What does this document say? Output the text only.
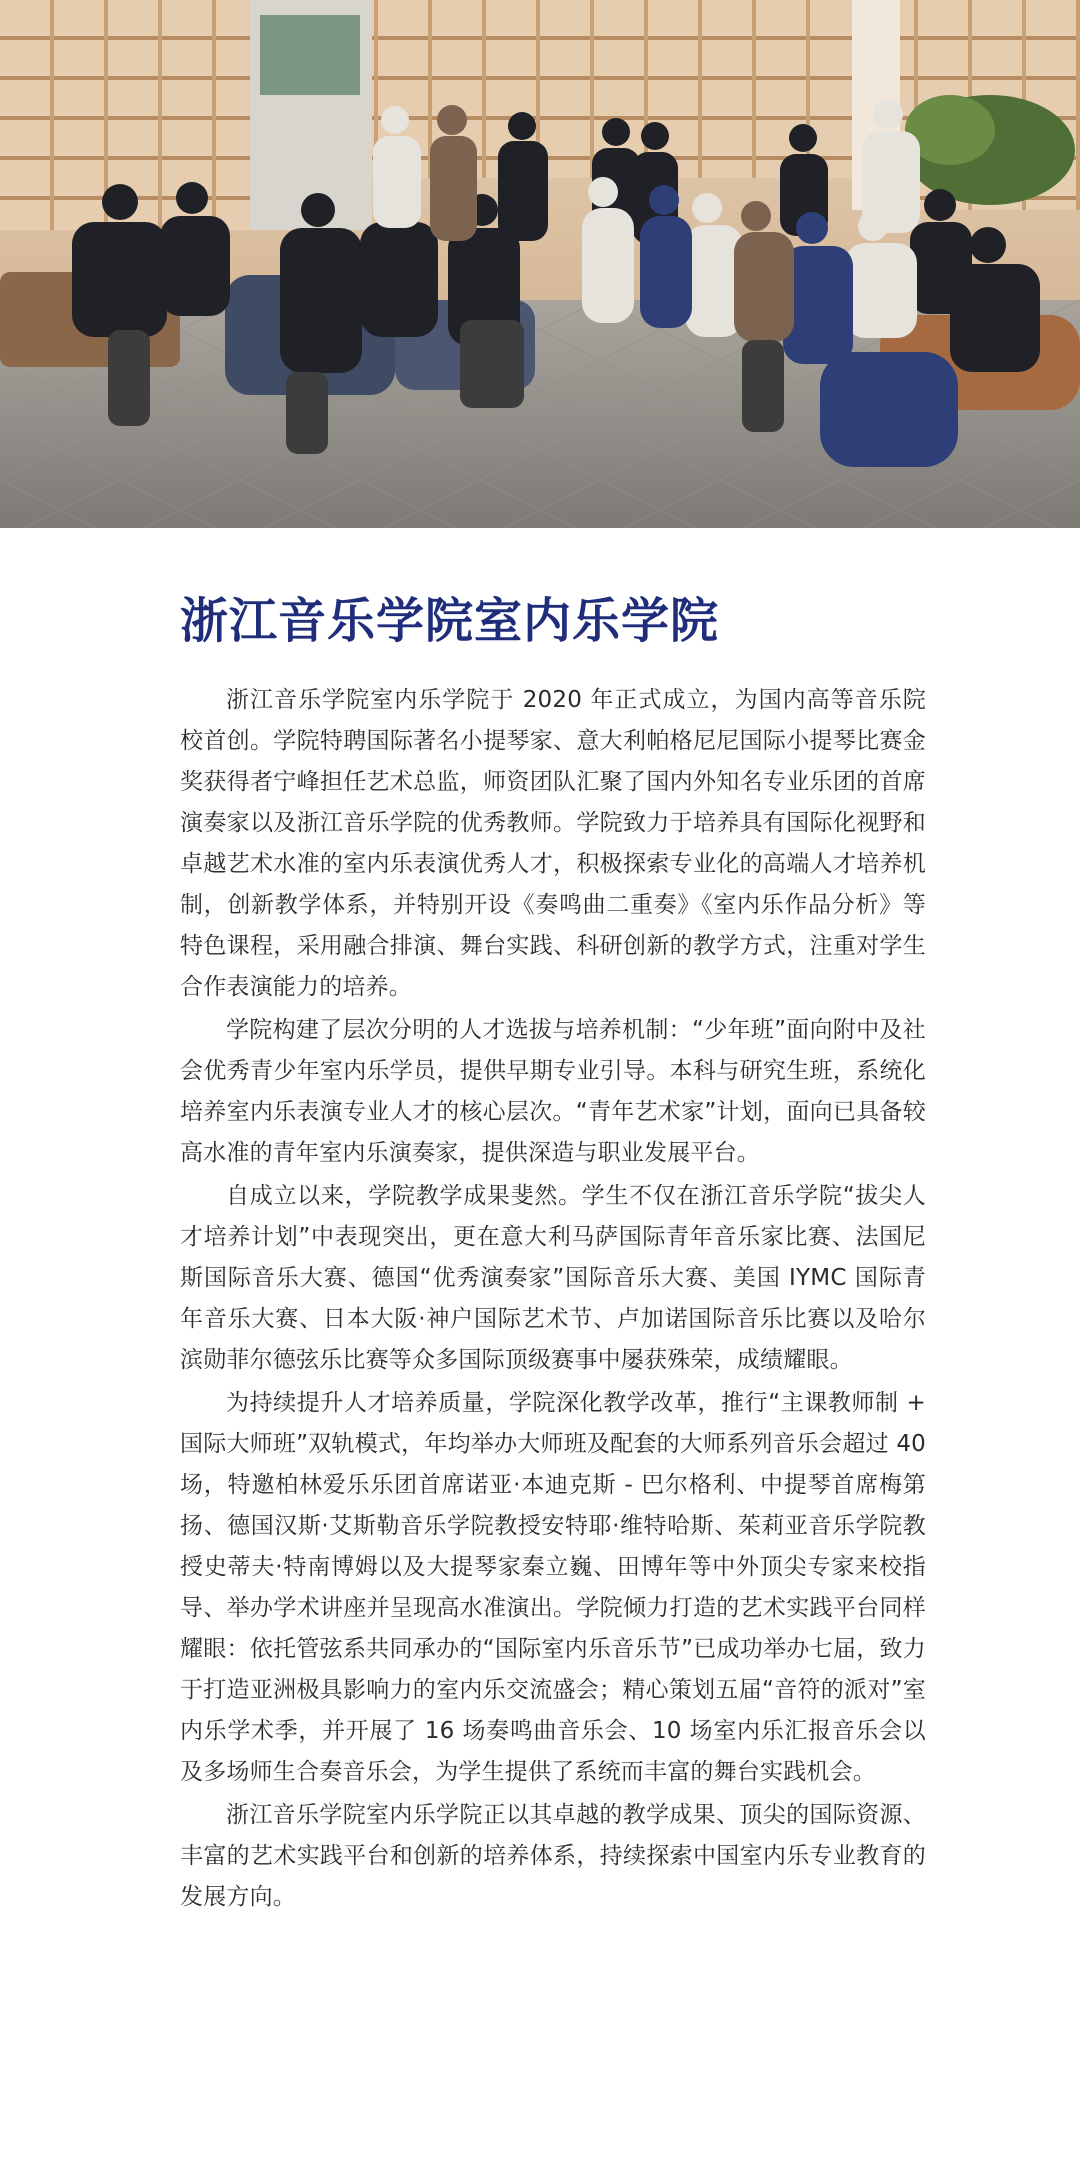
浙江音乐学院室内乐学院

浙江音乐学院室内乐学院于 2020 年正式成立，为国内高等音乐院校首创。学院特聘国际著名小提琴家、意大利帕格尼尼国际小提琴比赛金奖获得者宁峰担任艺术总监，师资团队汇聚了国内外知名专业乐团的首席演奏家以及浙江音乐学院的优秀教师。学院致力于培养具有国际化视野和卓越艺术水准的室内乐表演优秀人才，积极探索专业化的高端人才培养机制，创新教学体系，并特别开设《奏鸣曲二重奏》《室内乐作品分析》等特色课程，采用融合排演、舞台实践、科研创新的教学方式，注重对学生合作表演能力的培养。

学院构建了层次分明的人才选拔与培养机制：“少年班”面向附中及社会优秀青少年室内乐学员，提供早期专业引导。本科与研究生班，系统化培养室内乐表演专业人才的核心层次。“青年艺术家”计划，面向已具备较高水准的青年室内乐演奏家，提供深造与职业发展平台。

自成立以来，学院教学成果斐然。学生不仅在浙江音乐学院“拔尖人才培养计划”中表现突出，更在意大利马萨国际青年音乐家比赛、法国尼斯国际音乐大赛、德国“优秀演奏家”国际音乐大赛、美国 IYMC 国际青年音乐大赛、日本大阪·神户国际艺术节、卢加诺国际音乐比赛以及哈尔滨勋菲尔德弦乐比赛等众多国际顶级赛事中屡获殊荣，成绩耀眼。

为持续提升人才培养质量，学院深化教学改革，推行“主课教师制 + 国际大师班”双轨模式，年均举办大师班及配套的大师系列音乐会超过 40 场，特邀柏林爱乐乐团首席诺亚·本迪克斯 - 巴尔格利、中提琴首席梅第扬、德国汉斯·艾斯勒音乐学院教授安特耶·维特哈斯、茱莉亚音乐学院教授史蒂夫·特南博姆以及大提琴家秦立巍、田博年等中外顶尖专家来校指导、举办学术讲座并呈现高水准演出。学院倾力打造的艺术实践平台同样耀眼：依托管弦系共同承办的“国际室内乐音乐节”已成功举办七届，致力于打造亚洲极具影响力的室内乐交流盛会；精心策划五届“音符的派对”室内乐学术季，并开展了 16 场奏鸣曲音乐会、10 场室内乐汇报音乐会以及多场师生合奏音乐会，为学生提供了系统而丰富的舞台实践机会。

浙江音乐学院室内乐学院正以其卓越的教学成果、顶尖的国际资源、丰富的艺术实践平台和创新的培养体系，持续探索中国室内乐专业教育的发展方向。
